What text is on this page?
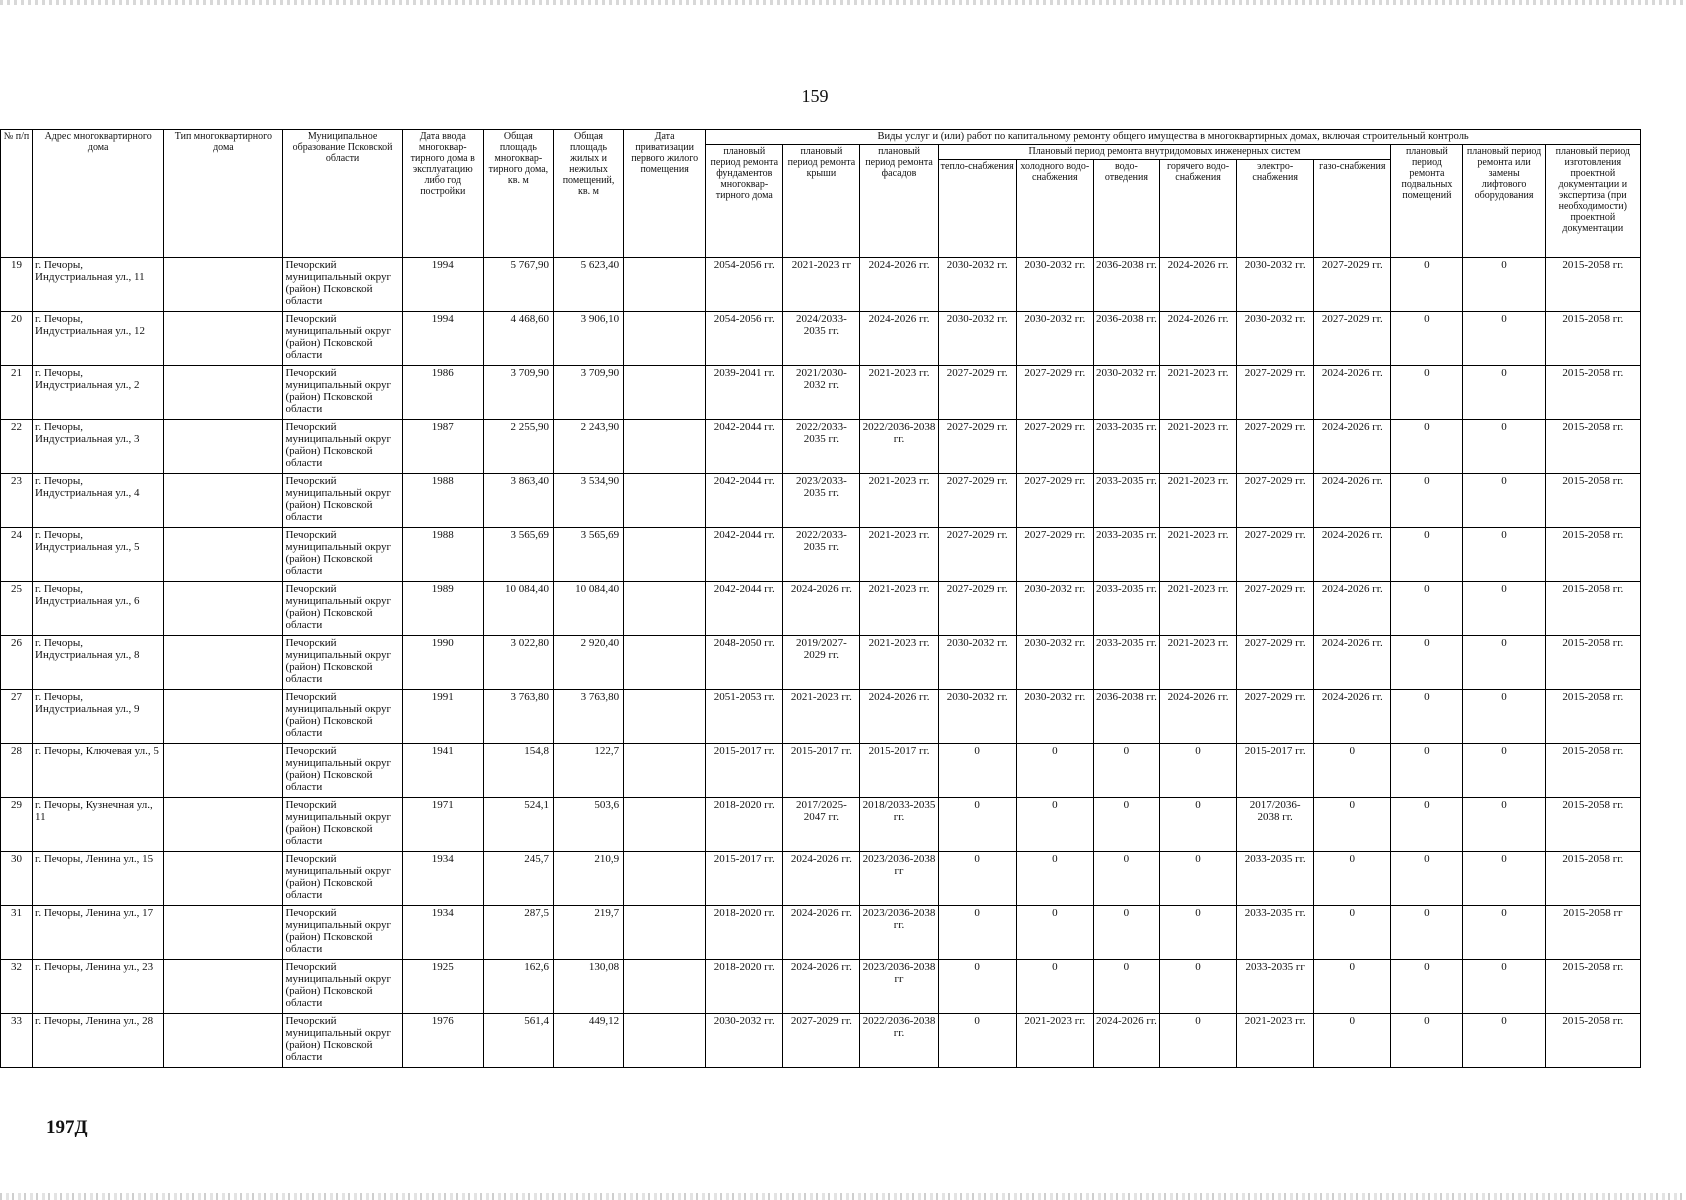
159
№ п/п	Адрес многоквартирного дома	Тип многоквартирного дома	Муниципальное образование Псковской области	Дата ввода многоквар-тирного дома в эксплуатацию либо год постройки	Общая площадь многоквар-тирного дома, кв. м	Общая площадь жилых и нежилых помещений, кв. м	Дата приватизации первого жилого помещения	Виды услуг и (или) работ по капитальному ремонту общего имущества в многоквартирных домах, включая строительный контроль											
								плановый период ремонта фундаментов многоквар-тирного дома	плановый период ремонта крыши	плановый период ремонта фасадов	Плановый период ремонта внутридомовых инженерных систем						плановый период ремонта подвальных помещений	плановый период ремонта или замены лифтового оборудования	плановый период изготовления проектной документации и экспертиза (при необходимости) проектной документации
											тепло-снабжения	холодного водо-снабжения	водо-отведения	горячего водо-снабжения	электро-снабжения	газо-снабжения			
19	г. Печоры, Индустриальная ул., 11		Печорский муниципальный округ (район) Псковской области	1994	5 767,90	5 623,40		2054-2056 гг.	2021-2023 гг	2024-2026 гг.	2030-2032 гг.	2030-2032 гг.	2036-2038 гг.	2024-2026 гг.	2030-2032 гг.	2027-2029 гг.	0	0	2015-2058 гг.
20	г. Печоры, Индустриальная ул., 12		Печорский муниципальный округ (район) Псковской области	1994	4 468,60	3 906,10		2054-2056 гг.	2024/2033-2035 гг.	2024-2026 гг.	2030-2032 гг.	2030-2032 гг.	2036-2038 гг.	2024-2026 гг.	2030-2032 гг.	2027-2029 гг.	0	0	2015-2058 гг.
21	г. Печоры, Индустриальная ул., 2		Печорский муниципальный округ (район) Псковской области	1986	3 709,90	3 709,90		2039-2041 гг.	2021/2030-2032 гг.	2021-2023 гг.	2027-2029 гг.	2027-2029 гг.	2030-2032 гг.	2021-2023 гг.	2027-2029 гг.	2024-2026 гг.	0	0	2015-2058 гг.
22	г. Печоры, Индустриальная ул., 3		Печорский муниципальный округ (район) Псковской области	1987	2 255,90	2 243,90		2042-2044 гг.	2022/2033-2035 гг.	2022/2036-2038 гг.	2027-2029 гг.	2027-2029 гг.	2033-2035 гг.	2021-2023 гг.	2027-2029 гг.	2024-2026 гг.	0	0	2015-2058 гг.
23	г. Печоры, Индустриальная ул., 4		Печорский муниципальный округ (район) Псковской области	1988	3 863,40	3 534,90		2042-2044 гг.	2023/2033-2035 гг.	2021-2023 гг.	2027-2029 гг.	2027-2029 гг.	2033-2035 гг.	2021-2023 гг.	2027-2029 гг.	2024-2026 гг.	0	0	2015-2058 гг.
24	г. Печоры, Индустриальная ул., 5		Печорский муниципальный округ (район) Псковской области	1988	3 565,69	3 565,69		2042-2044 гг.	2022/2033-2035 гг.	2021-2023 гг.	2027-2029 гг.	2027-2029 гг.	2033-2035 гг.	2021-2023 гг.	2027-2029 гг.	2024-2026 гг.	0	0	2015-2058 гг.
25	г. Печоры, Индустриальная ул., 6		Печорский муниципальный округ (район) Псковской области	1989	10 084,40	10 084,40		2042-2044 гг.	2024-2026 гг.	2021-2023 гг.	2027-2029 гг.	2030-2032 гг.	2033-2035 гг.	2021-2023 гг.	2027-2029 гг.	2024-2026 гг.	0	0	2015-2058 гг.
26	г. Печоры, Индустриальная ул., 8		Печорский муниципальный округ (район) Псковской области	1990	3 022,80	2 920,40		2048-2050 гг.	2019/2027-2029 гг.	2021-2023 гг.	2030-2032 гг.	2030-2032 гг.	2033-2035 гг.	2021-2023 гг.	2027-2029 гг.	2024-2026 гг.	0	0	2015-2058 гг.
27	г. Печоры, Индустриальная ул., 9		Печорский муниципальный округ (район) Псковской области	1991	3 763,80	3 763,80		2051-2053 гг.	2021-2023 гг.	2024-2026 гг.	2030-2032 гг.	2030-2032 гг.	2036-2038 гг.	2024-2026 гг.	2027-2029 гг.	2024-2026 гг.	0	0	2015-2058 гг.
28	г. Печоры, Ключевая ул., 5		Печорский муниципальный округ (район) Псковской области	1941	154,8	122,7		2015-2017 гг.	2015-2017 гг.	2015-2017 гг.	0	0	0	0	2015-2017 гг.	0	0	0	2015-2058 гг.
29	г. Печоры, Кузнечная ул., 11		Печорский муниципальный округ (район) Псковской области	1971	524,1	503,6		2018-2020 гг.	2017/2025-2047 гг.	2018/2033-2035 гг.	0	0	0	0	2017/2036-2038 гг.	0	0	0	2015-2058 гг.
30	г. Печоры, Ленина ул., 15		Печорский муниципальный округ (район) Псковской области	1934	245,7	210,9		2015-2017 гг.	2024-2026 гг.	2023/2036-2038 гг	0	0	0	0	2033-2035 гг.	0	0	0	2015-2058 гг.
31	г. Печоры, Ленина ул., 17		Печорский муниципальный округ (район) Псковской области	1934	287,5	219,7		2018-2020 гг.	2024-2026 гг.	2023/2036-2038 гг.	0	0	0	0	2033-2035 гг.	0	0	0	2015-2058 гг
32	г. Печоры, Ленина ул., 23		Печорский муниципальный округ (район) Псковской области	1925	162,6	130,08		2018-2020 гг.	2024-2026 гг.	2023/2036-2038 гг	0	0	0	0	2033-2035 гг	0	0	0	2015-2058 гг.
33	г. Печоры, Ленина ул., 28		Печорский муниципальный округ (район) Псковской области	1976	561,4	449,12		2030-2032 гг.	2027-2029 гг.	2022/2036-2038 гг.	0	2021-2023 гг.	2024-2026 гг.	0	2021-2023 гг.	0	0	0	2015-2058 гг.
197Д
